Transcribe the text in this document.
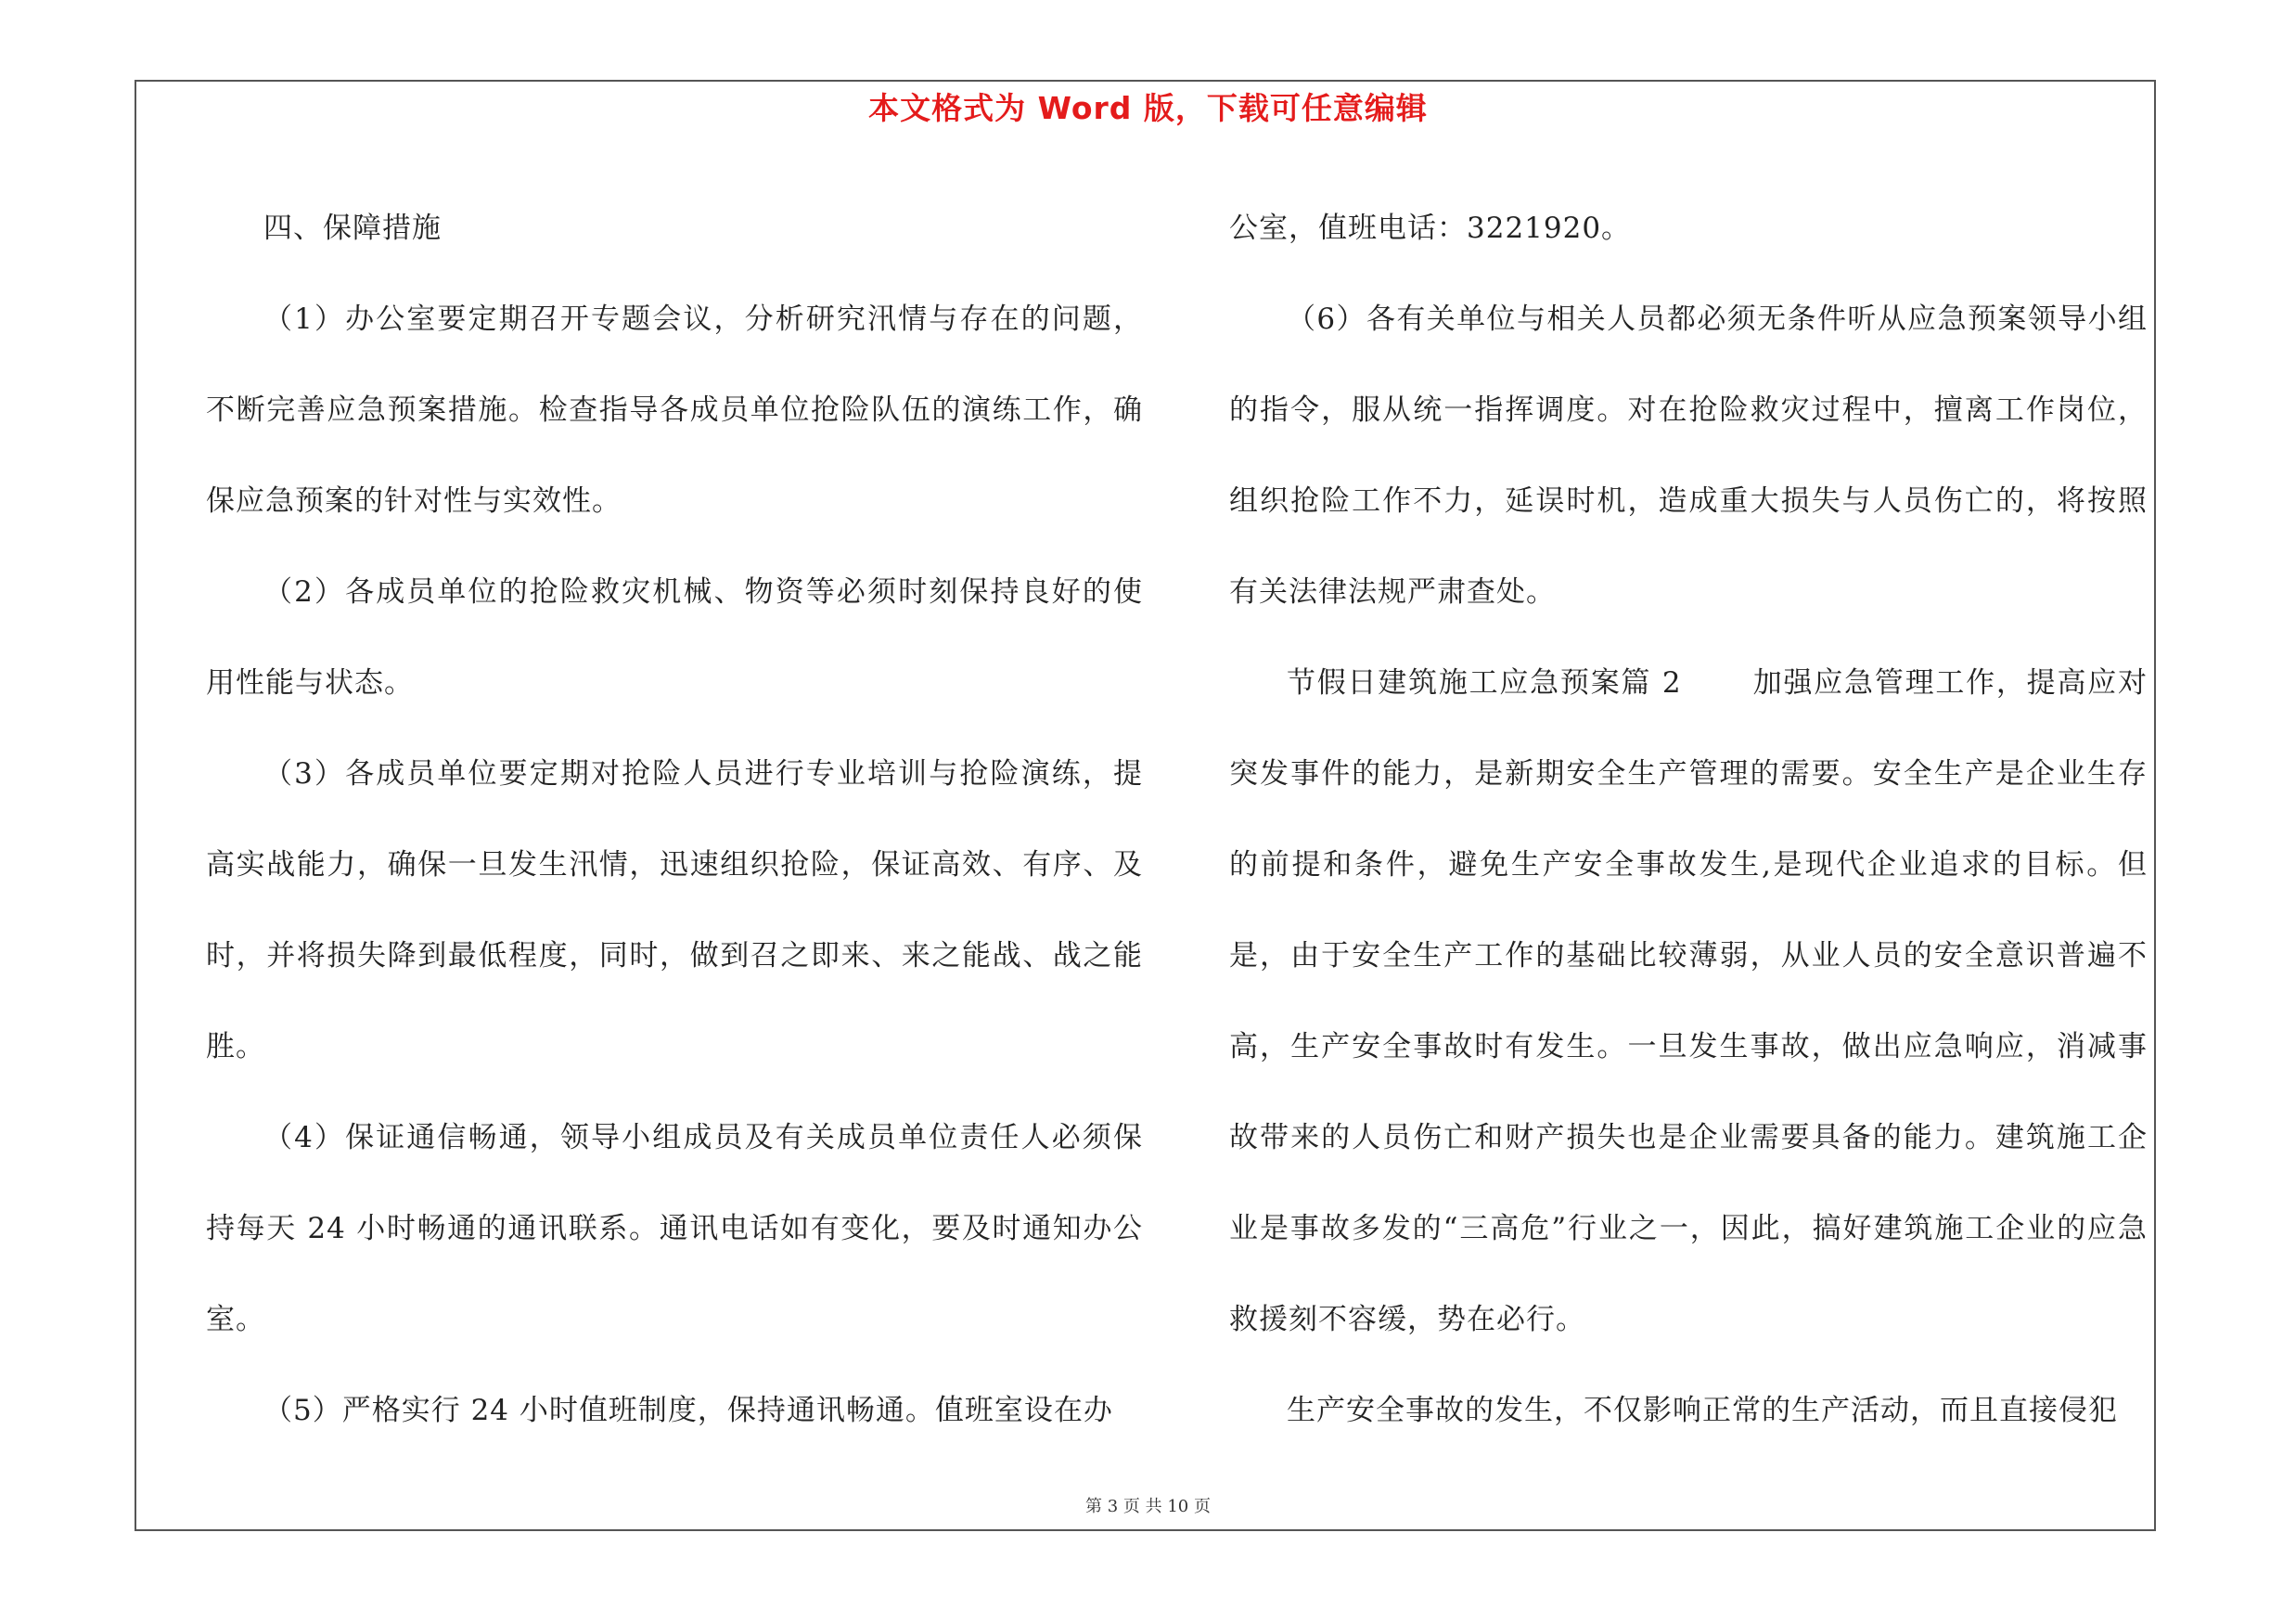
本文格式为 Word 版，下载可任意编辑

四、保障措施

（1）办公室要定期召开专题会议，分析研究汛情与存在的问题，不断完善应急预案措施。检查指导各成员单位抢险队伍的演练工作，确保应急预案的针对性与实效性。

（2）各成员单位的抢险救灾机械、物资等必须时刻保持良好的使用性能与状态。

（3）各成员单位要定期对抢险人员进行专业培训与抢险演练，提高实战能力，确保一旦发生汛情，迅速组织抢险，保证高效、有序、及时，并将损失降到最低程度，同时，做到召之即来、来之能战、战之能胜。

（4）保证通信畅通，领导小组成员及有关成员单位责任人必须保持每天 24 小时畅通的通讯联系。通讯电话如有变化，要及时通知办公室。

（5）严格实行 24 小时值班制度，保持通讯畅通。值班室设在办

公室，值班电话：3221920。

（6）各有关单位与相关人员都必须无条件听从应急预案领导小组的指令，服从统一指挥调度。对在抢险救灾过程中，擅离工作岗位，组织抢险工作不力，延误时机，造成重大损失与人员伤亡的，将按照有关法律法规严肃查处。

节假日建筑施工应急预案篇 2 　　加强应急管理工作，提高应对突发事件的能力，是新期安全生产管理的需要。安全生产是企业生存的前提和条件，避免生产安全事故发生,是现代企业追求的目标。但是，由于安全生产工作的基础比较薄弱，从业人员的安全意识普遍不高，生产安全事故时有发生。一旦发生事故，做出应急响应，消减事故带来的人员伤亡和财产损失也是企业需要具备的能力。建筑施工企业是事故多发的“三高危”行业之一，因此，搞好建筑施工企业的应急救援刻不容缓，势在必行。

生产安全事故的发生，不仅影响正常的生产活动，而且直接侵犯

第 3 页 共 10 页
